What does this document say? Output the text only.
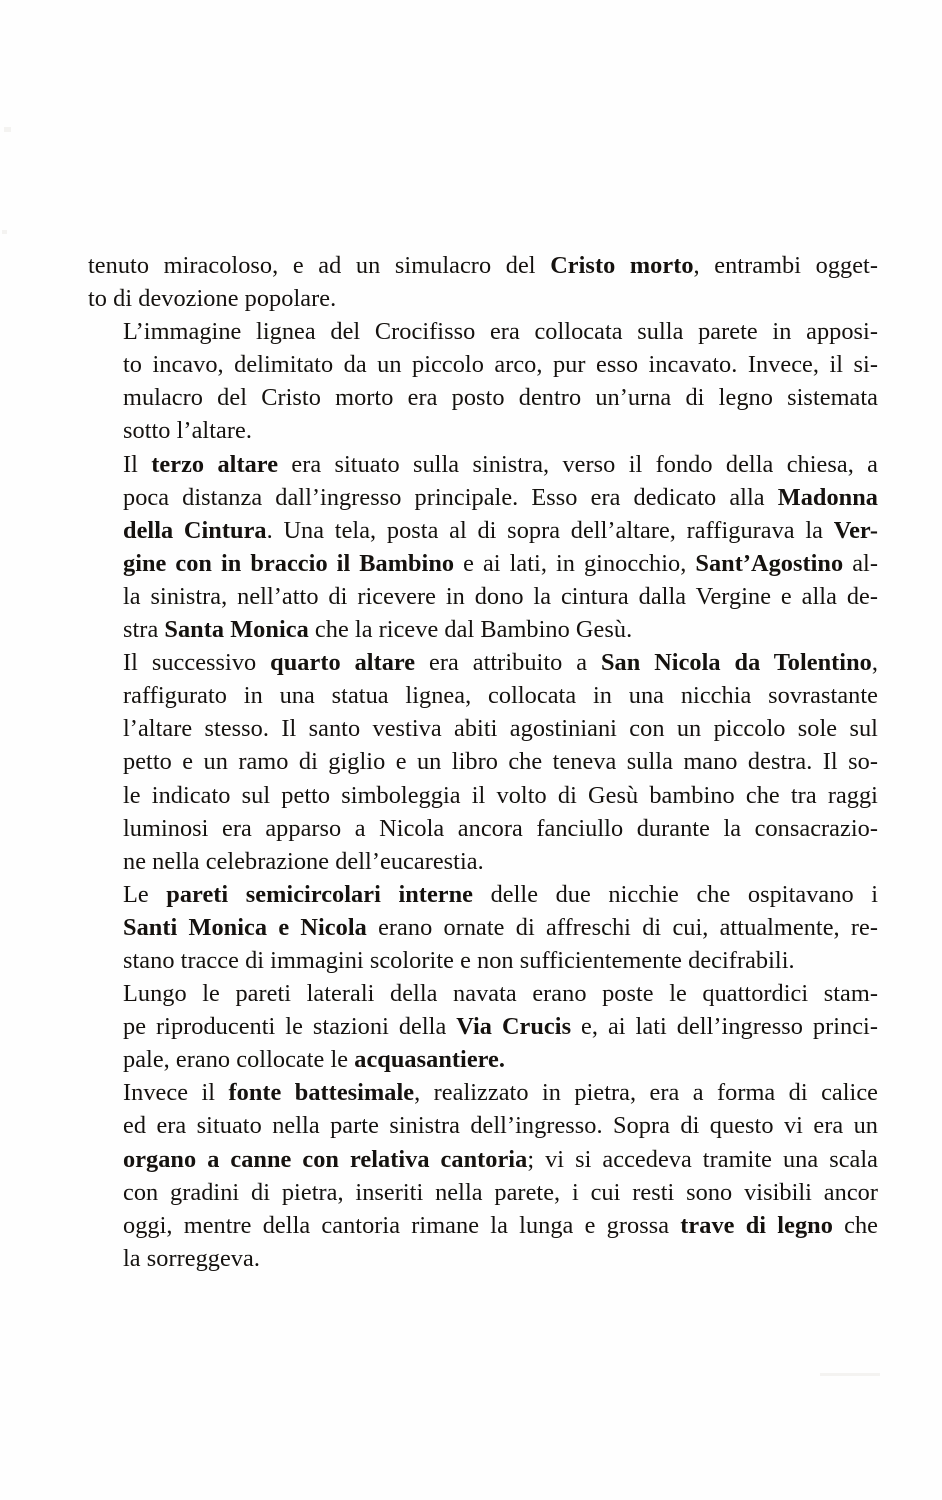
tenuto miracoloso, e ad un simulacro del Cristo morto, entrambi ogget-
to di devozione popolare.

L’immagine lignea del Crocifisso era collocata sulla parete in apposi-
to incavo, delimitato da un piccolo arco, pur esso incavato. Invece, il si-
mulacro del Cristo morto era posto dentro un’urna di legno sistemata
sotto l’altare.

Il terzo altare era situato sulla sinistra, verso il fondo della chiesa, a
poca distanza dall’ingresso principale. Esso era dedicato alla Madonna
della Cintura. Una tela, posta al di sopra dell’altare, raffigurava la Ver-
gine con in braccio il Bambino e ai lati, in ginocchio, Sant’Agostino al-
la sinistra, nell’atto di ricevere in dono la cintura dalla Vergine e alla de-
stra Santa Monica che la riceve dal Bambino Gesù.

Il successivo quarto altare era attribuito a San Nicola da Tolentino,
raffigurato in una statua lignea, collocata in una nicchia sovrastante
l’altare stesso. Il santo vestiva abiti agostiniani con un piccolo sole sul
petto e un ramo di giglio e un libro che teneva sulla mano destra. Il so-
le indicato sul petto simboleggia il volto di Gesù bambino che tra raggi
luminosi era apparso a Nicola ancora fanciullo durante la consacrazio-
ne nella celebrazione dell’eucarestia.

Le pareti semicircolari interne delle due nicchie che ospitavano i
Santi Monica e Nicola erano ornate di affreschi di cui, attualmente, re-
stano tracce di immagini scolorite e non sufficientemente decifrabili.

Lungo le pareti laterali della navata erano poste le quattordici stam-
pe riproducenti le stazioni della Via Crucis e, ai lati dell’ingresso princi-
pale, erano collocate le acquasantiere.

Invece il fonte battesimale, realizzato in pietra, era a forma di calice
ed era situato nella parte sinistra dell’ingresso. Sopra di questo vi era un
organo a canne con relativa cantoria; vi si accedeva tramite una scala
con gradini di pietra, inseriti nella parete, i cui resti sono visibili ancor
oggi, mentre della cantoria rimane la lunga e grossa trave di legno che
la sorreggeva.
